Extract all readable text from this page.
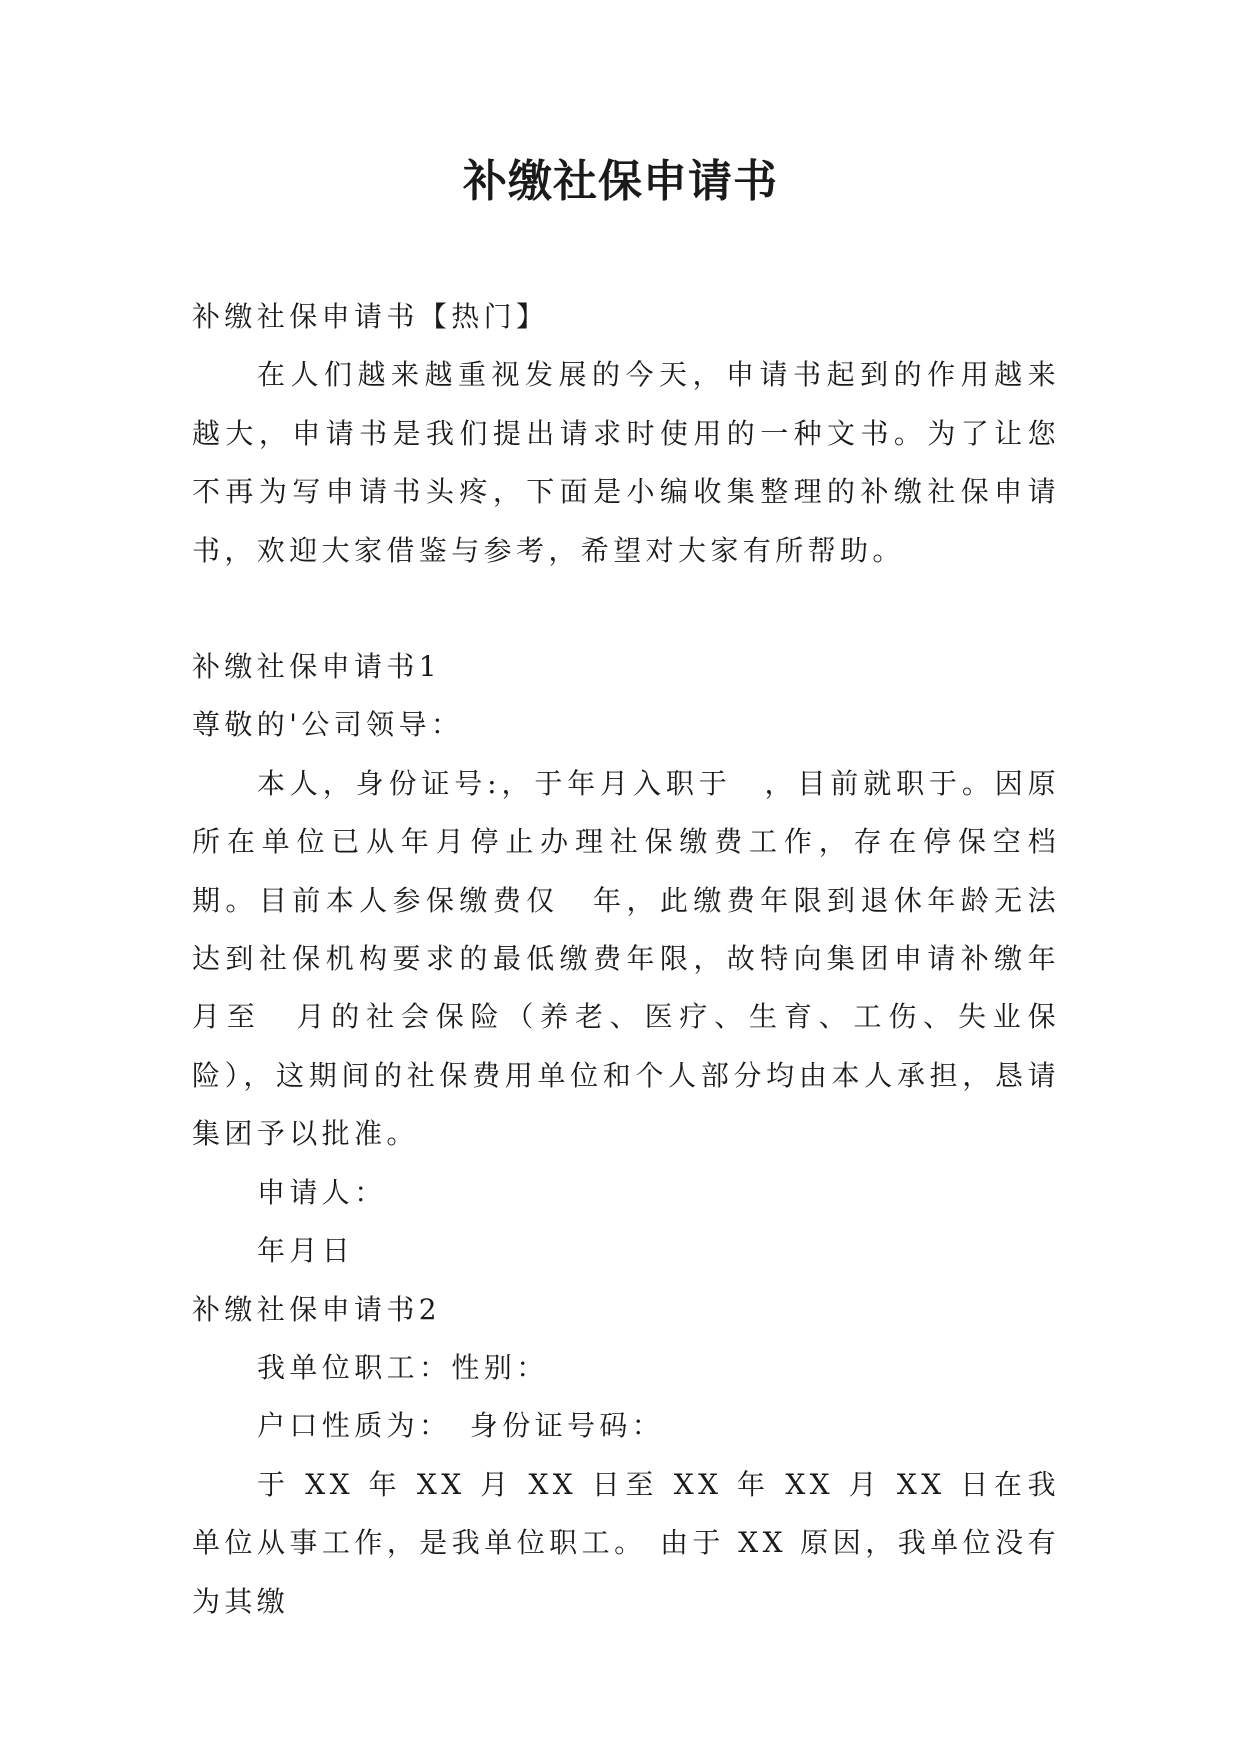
补缴社保申请书

补缴社保申请书【热门】

在人们越来越重视发展的今天，申请书起到的作用越来越大，申请书是我们提出请求时使用的一种文书。为了让您不再为写申请书头疼，下面是小编收集整理的补缴社保申请书，欢迎大家借鉴与参考，希望对大家有所帮助。

补缴社保申请书1

尊敬的'公司领导：

本人，身份证号:，于年月入职于　，目前就职于。因原所在单位已从年月停止办理社保缴费工作，存在停保空档期。目前本人参保缴费仅　年，此缴费年限到退休年龄无法达到社保机构要求的最低缴费年限，故特向集团申请补缴年月至　月的社会保险（养老、医疗、生育、工伤、失业保险），这期间的社保费用单位和个人部分均由本人承担，恳请集团予以批准。

申请人：

年月日

补缴社保申请书2

我单位职工：性别：

户口性质为：　身份证号码：

于 XX 年 XX 月 XX 日至 XX 年 XX 月 XX 日在我单位从事工作，是我单位职工。 由于 XX 原因，我单位没有为其缴
